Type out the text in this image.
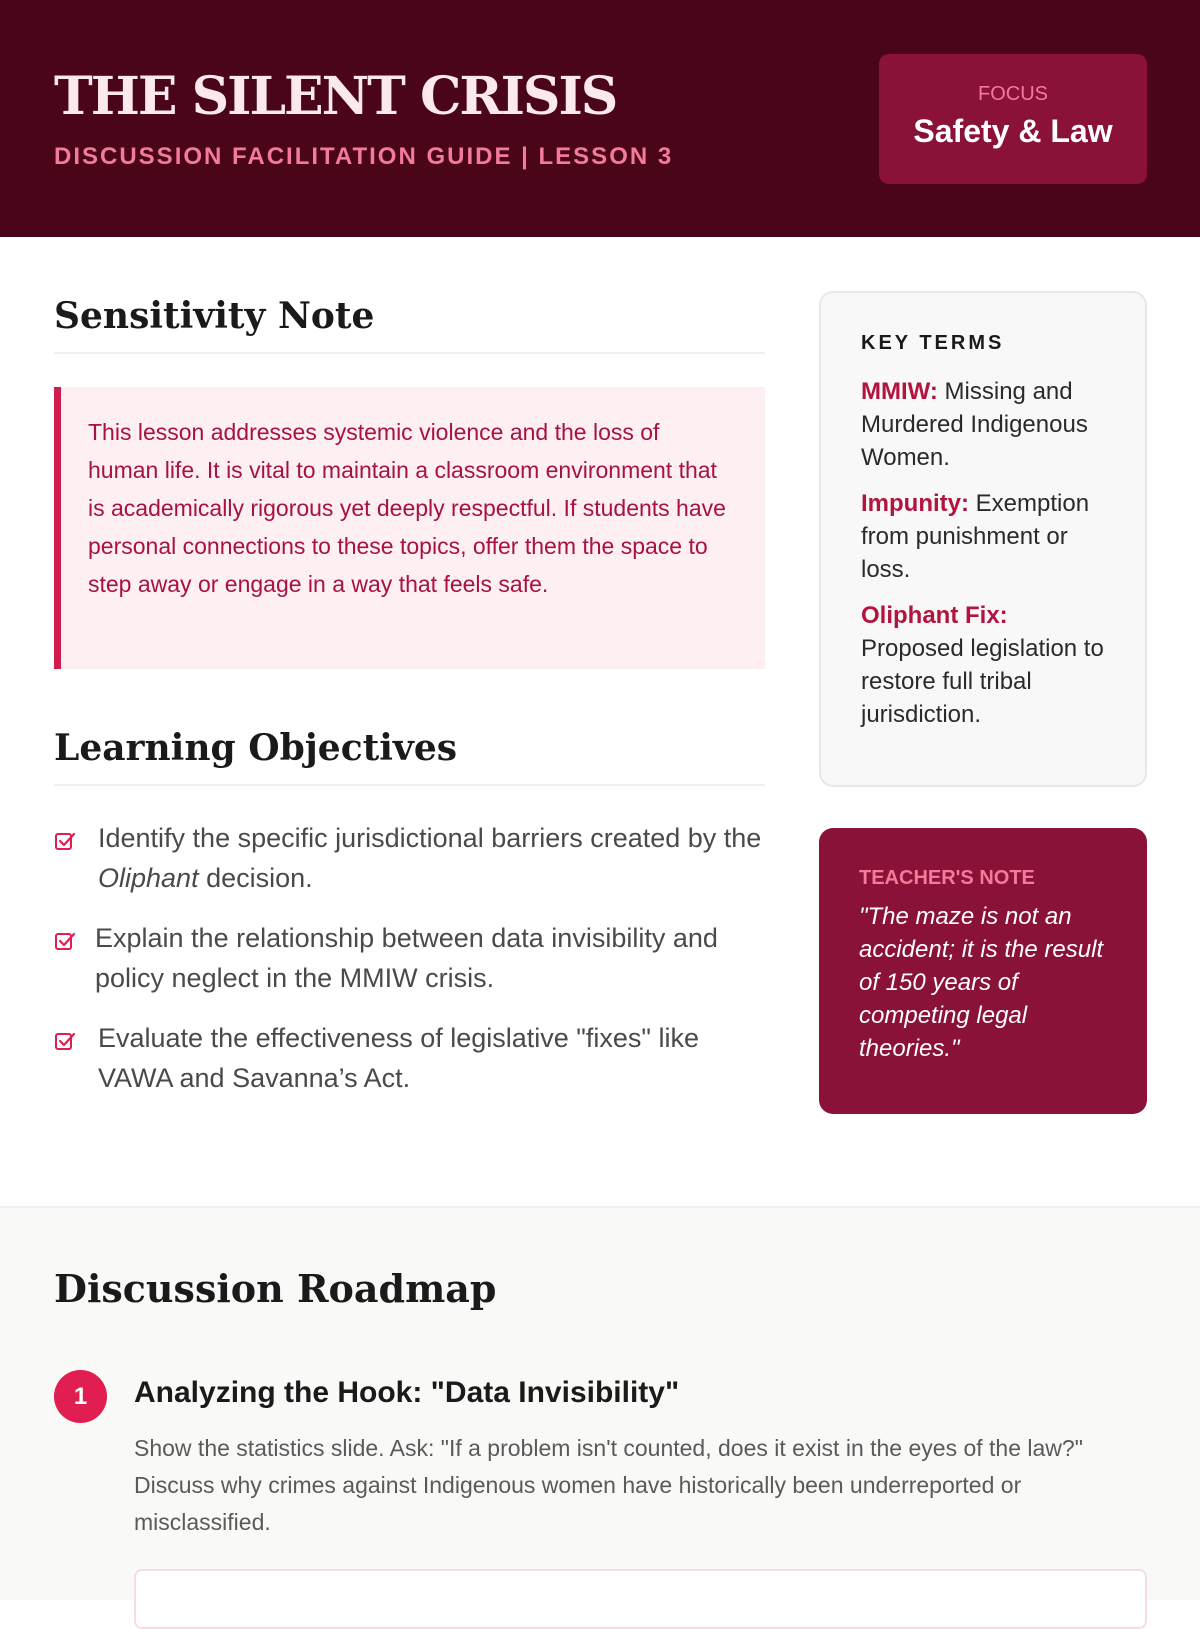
THE SILENT CRISIS
DISCUSSION FACILITATION GUIDE | LESSON 3
FOCUS
Safety & Law
Sensitivity Note
This lesson addresses systemic violence and the loss of human life. It is vital to maintain a classroom environment that is academically rigorous yet deeply respectful. If students have personal connections to these topics, offer them the space to step away or engage in a way that feels safe.
Learning Objectives
Identify the specific jurisdictional barriers created by the Oliphant decision.
Explain the relationship between data invisibility and policy neglect in the MMIW crisis.
Evaluate the effectiveness of legislative "fixes" like VAWA and Savanna’s Act.
KEY TERMS

MMIW: Missing and Murdered Indigenous Women.

Impunity: Exemption from punishment or loss.

Oliphant Fix: Proposed legislation to restore full tribal jurisdiction.

TEACHER'S NOTE

"The maze is not an accident; it is the result of 150 years of competing legal theories."

Discussion Roadmap
1	Analyzing the Hook: "Data Invisibility"

Show the statistics slide. Ask: "If a problem isn't counted, does it exist in the eyes of the law?" Discuss why crimes against Indigenous women have historically been underreported or misclassified.
